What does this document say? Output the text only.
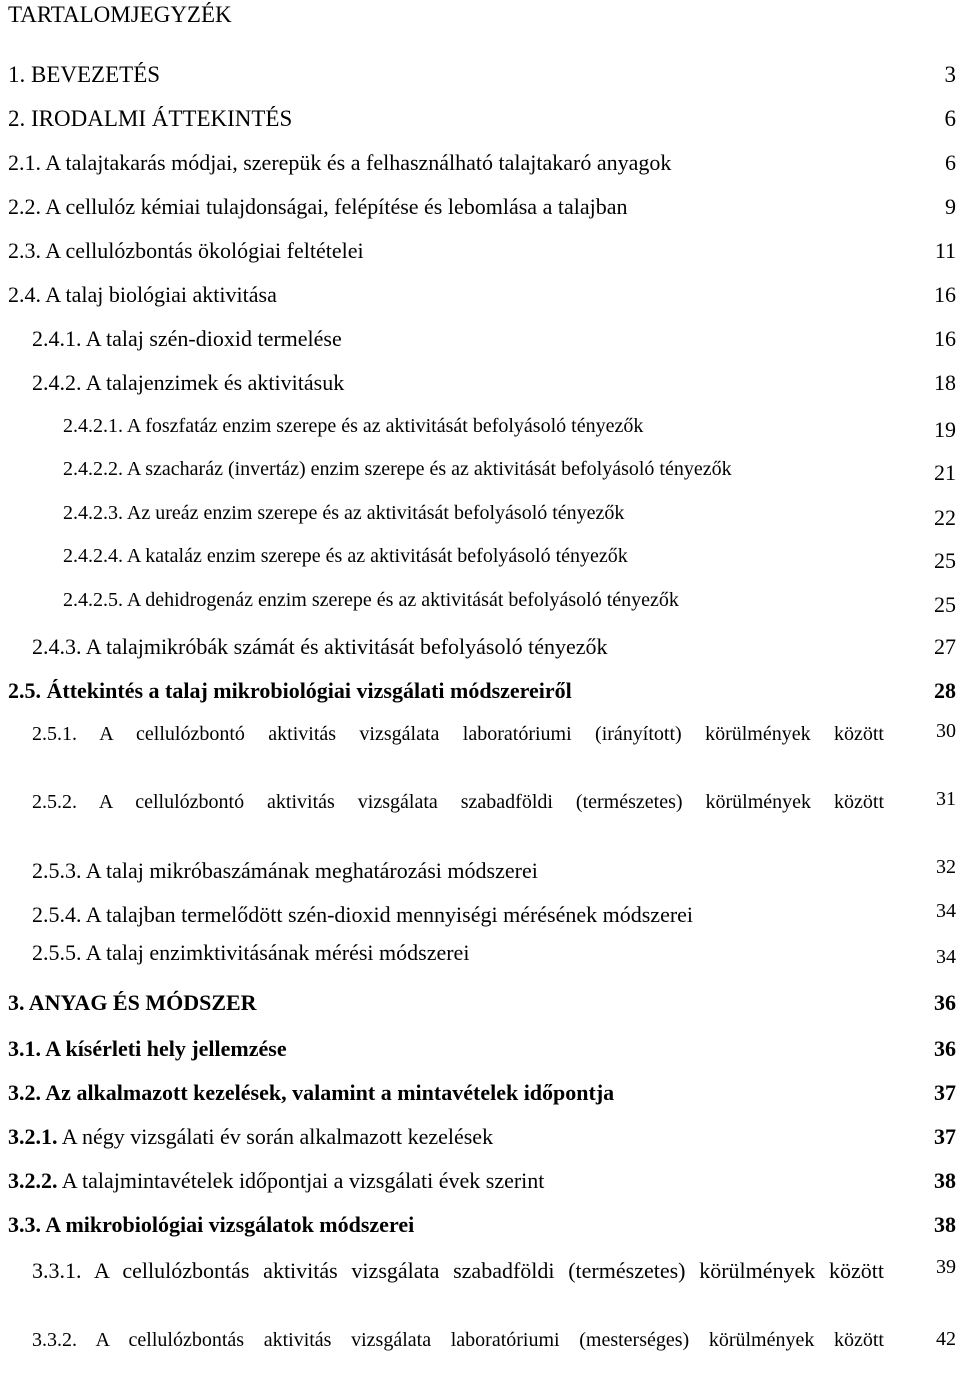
TARTALOMJEGYZÉK
1. BEVEZETÉS	3
2. IRODALMI ÁTTEKINTÉS	6
2.1. A talajtakarás módjai, szerepük és a felhasználható talajtakaró anyagok	6
2.2. A cellulóz kémiai tulajdonságai, felépítése és lebomlása a talajban	9
2.3. A cellulózbontás ökológiai feltételei	11
2.4. A talaj biológiai aktivitása	16
2.4.1. A talaj szén-dioxid termelése	16
2.4.2. A talajenzimek és aktivitásuk	18
2.4.2.1. A foszfatáz enzim szerepe és az aktivitását befolyásoló tényezők	19
2.4.2.2. A szacharáz (invertáz) enzim szerepe és az aktivitását befolyásoló tényezők	21
2.4.2.3. Az ureáz enzim szerepe és az aktivitását befolyásoló tényezők	22
2.4.2.4. A kataláz enzim szerepe és az aktivitását befolyásoló tényezők	25
2.4.2.5. A dehidrogenáz enzim szerepe és az aktivitását befolyásoló tényezők	25
2.4.3. A talajmikróbák számát és aktivitását befolyásoló tényezők	27
2.5. Áttekintés a talaj mikrobiológiai vizsgálati módszereiről	28
2.5.1. A cellulózbontó aktivitás vizsgálata laboratóriumi (irányított) körülmények között	30
2.5.2. A cellulózbontó aktivitás vizsgálata szabadföldi (természetes) körülmények között	31
2.5.3. A talaj mikróbaszámának meghatározási módszerei	32
2.5.4. A talajban termelődött szén-dioxid mennyiségi mérésének módszerei	34
2.5.5. A talaj enzimktivitásának mérési módszerei	34
3. ANYAG ÉS MÓDSZER	36
3.1. A kísérleti hely jellemzése	36
3.2. Az alkalmazott kezelések, valamint a mintavételek időpontja	37
3.2.1. A négy vizsgálati év során alkalmazott kezelések	37
3.2.2. A talajmintavételek időpontjai a vizsgálati évek szerint	38
3.3. A mikrobiológiai vizsgálatok módszerei	38
3.3.1. A cellulózbontás aktivitás vizsgálata szabadföldi (természetes) körülmények között	39
3.3.2. A cellulózbontás aktivitás vizsgálata laboratóriumi (mesterséges) körülmények között	42
